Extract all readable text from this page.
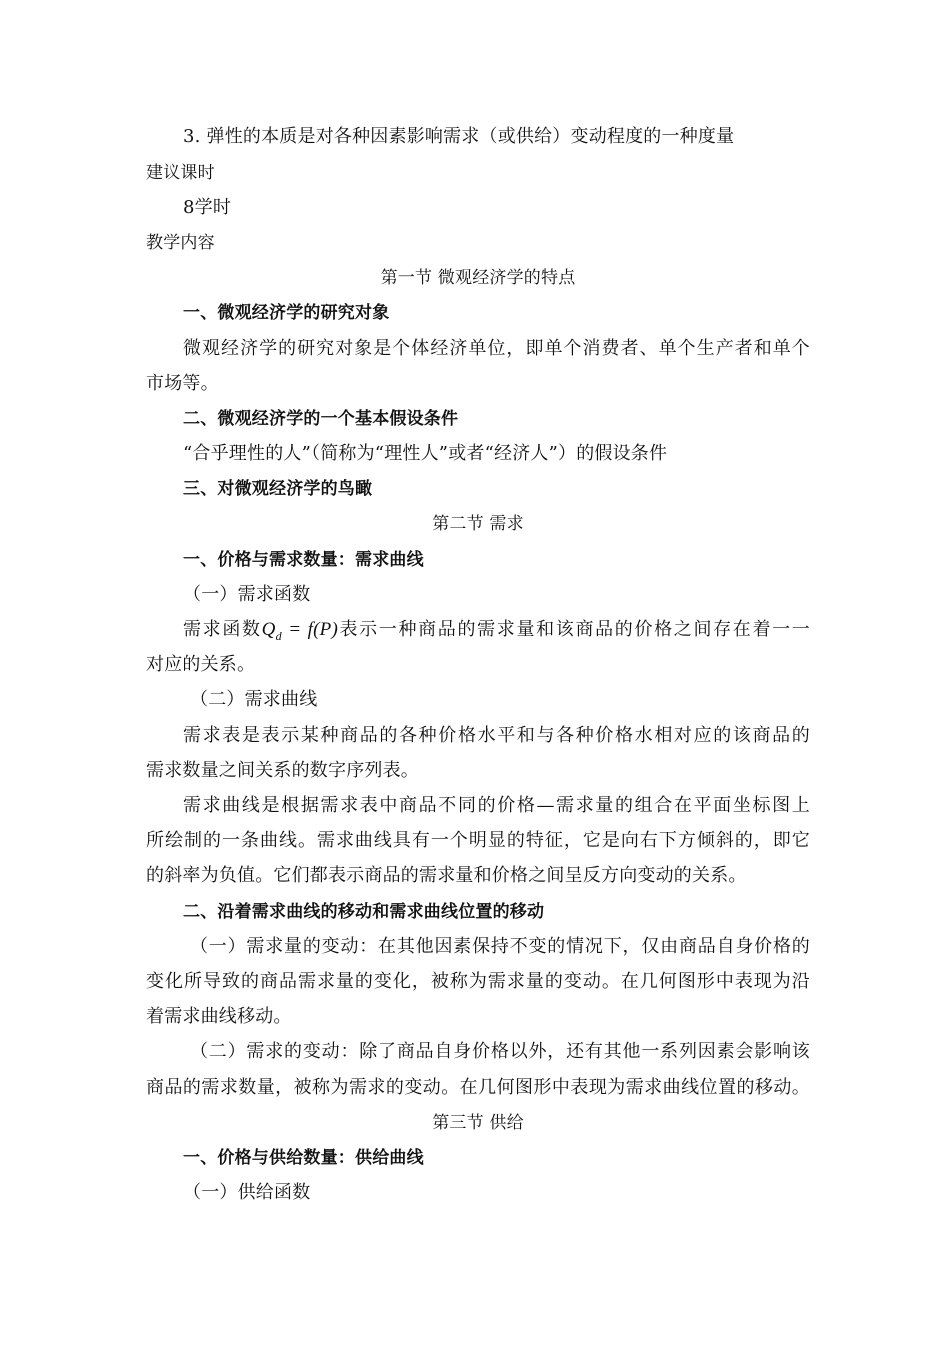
3. 弹性的本质是对各种因素影响需求（或供给）变动程度的一种度量
建议课时
8学时
教学内容
第一节 微观经济学的特点
一、微观经济学的研究对象
微观经济学的研究对象是个体经济单位，即单个消费者、单个生产者和单个
市场等。
二、微观经济学的一个基本假设条件
“合乎理性的人”（简称为“理性人”或者“经济人”）的假设条件
三、对微观经济学的鸟瞰
第二节 需求
一、价格与需求数量：需求曲线
（一）需求函数
需求函数$Q_d = f(P)$表示一种商品的需求量和该商品的价格之间存在着一一
对应的关系。
（二）需求曲线
需求表是表示某种商品的各种价格水平和与各种价格水相对应的该商品的
需求数量之间关系的数字序列表。
需求曲线是根据需求表中商品不同的价格—需求量的组合在平面坐标图上
所绘制的一条曲线。需求曲线具有一个明显的特征，它是向右下方倾斜的，即它
的斜率为负值。它们都表示商品的需求量和价格之间呈反方向变动的关系。
二、沿着需求曲线的移动和需求曲线位置的移动
（一）需求量的变动：在其他因素保持不变的情况下，仅由商品自身价格的
变化所导致的商品需求量的变化，被称为需求量的变动。在几何图形中表现为沿
着需求曲线移动。
（二）需求的变动：除了商品自身价格以外，还有其他一系列因素会影响该
商品的需求数量，被称为需求的变动。在几何图形中表现为需求曲线位置的移动。
第三节 供给
一、价格与供给数量：供给曲线
（一）供给函数
